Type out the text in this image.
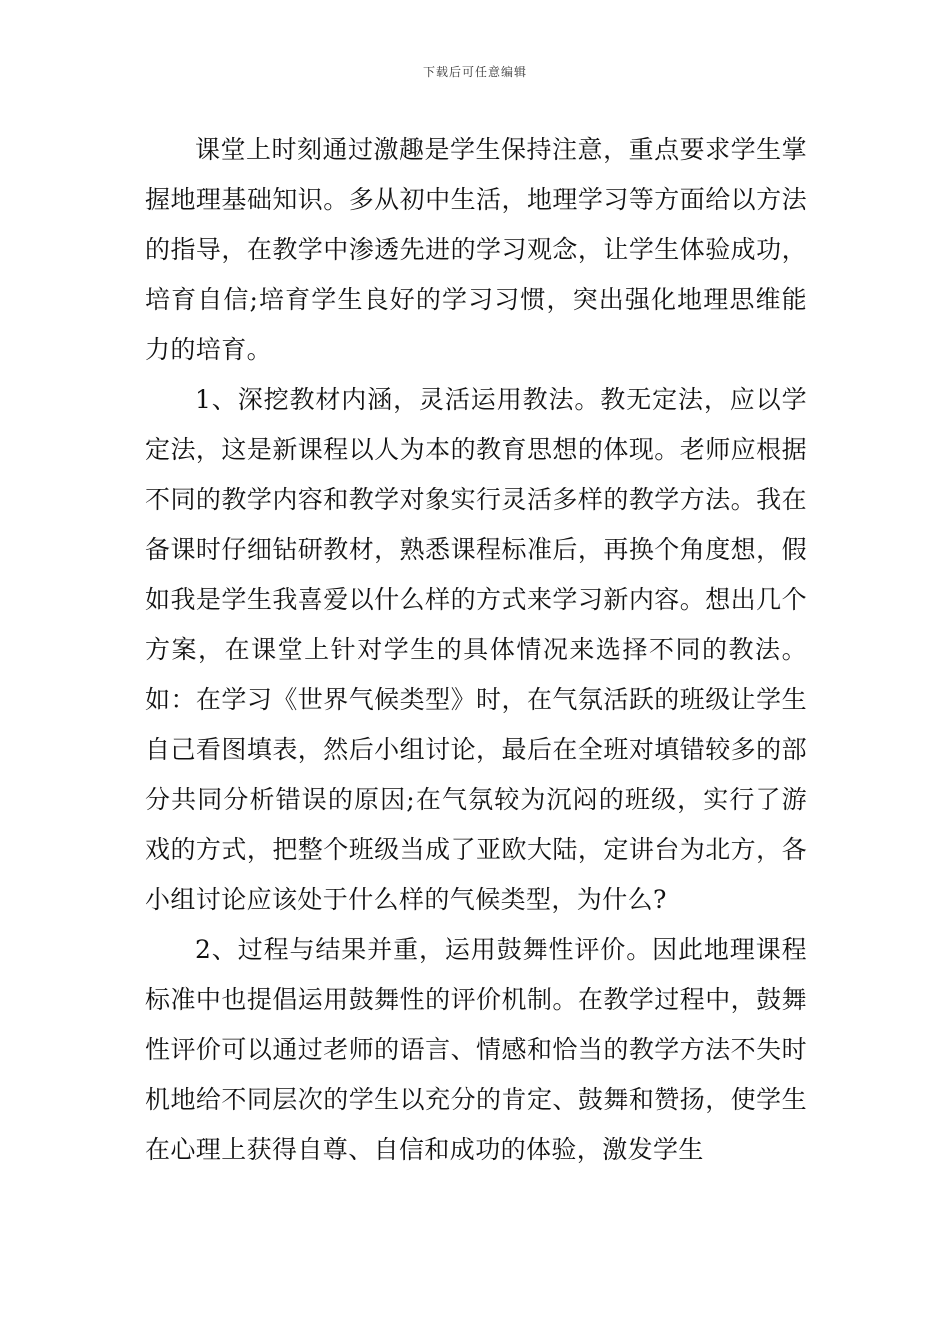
下载后可任意编辑

课堂上时刻通过激趣是学生保持注意，重点要求学生掌握地理基础知识。多从初中生活，地理学习等方面给以方法的指导，在教学中渗透先进的学习观念，让学生体验成功，培育自信;培育学生良好的学习习惯，突出强化地理思维能力的培育。

1、深挖教材内涵，灵活运用教法。教无定法，应以学定法，这是新课程以人为本的教育思想的体现。老师应根据不同的教学内容和教学对象实行灵活多样的教学方法。我在备课时仔细钻研教材，熟悉课程标准后，再换个角度想，假如我是学生我喜爱以什么样的方式来学习新内容。想出几个方案，在课堂上针对学生的具体情况来选择不同的教法。如：在学习《世界气候类型》时，在气氛活跃的班级让学生自己看图填表，然后小组讨论，最后在全班对填错较多的部分共同分析错误的原因;在气氛较为沉闷的班级，实行了游戏的方式，把整个班级当成了亚欧大陆，定讲台为北方，各小组讨论应该处于什么样的气候类型，为什么?

2、过程与结果并重，运用鼓舞性评价。因此地理课程标准中也提倡运用鼓舞性的评价机制。在教学过程中，鼓舞性评价可以通过老师的语言、情感和恰当的教学方法不失时机地给不同层次的学生以充分的肯定、鼓舞和赞扬，使学生在心理上获得自尊、自信和成功的体验，激发学生
